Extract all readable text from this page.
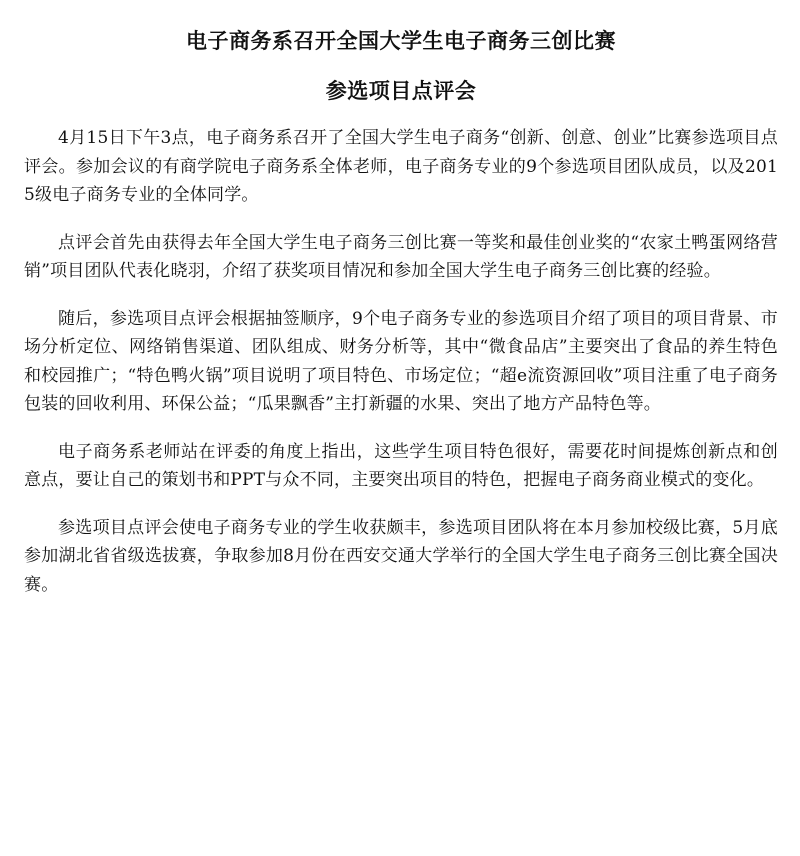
电子商务系召开全国大学生电子商务三创比赛
参选项目点评会

4月15日下午3点，电子商务系召开了全国大学生电子商务“创新、创意、创业”比赛参选项目点评会。参加会议的有商学院电子商务系全体老师，电子商务专业的9个参选项目团队成员，以及2015级电子商务专业的全体同学。

点评会首先由获得去年全国大学生电子商务三创比赛一等奖和最佳创业奖的“农家土鸭蛋网络营销”项目团队代表化晓羽，介绍了获奖项目情况和参加全国大学生电子商务三创比赛的经验。

随后，参选项目点评会根据抽签顺序，9个电子商务专业的参选项目介绍了项目的项目背景、市场分析定位、网络销售渠道、团队组成、财务分析等，其中“微食品店”主要突出了食品的养生特色和校园推广；“特色鸭火锅”项目说明了项目特色、市场定位；“超e流资源回收”项目注重了电子商务包装的回收利用、环保公益；“瓜果飘香”主打新疆的水果、突出了地方产品特色等。

电子商务系老师站在评委的角度上指出，这些学生项目特色很好，需要花时间提炼创新点和创意点，要让自己的策划书和PPT与众不同，主要突出项目的特色，把握电子商务商业模式的变化。

参选项目点评会使电子商务专业的学生收获颇丰，参选项目团队将在本月参加校级比赛，5月底参加湖北省省级选拔赛，争取参加8月份在西安交通大学举行的全国大学生电子商务三创比赛全国决赛。
